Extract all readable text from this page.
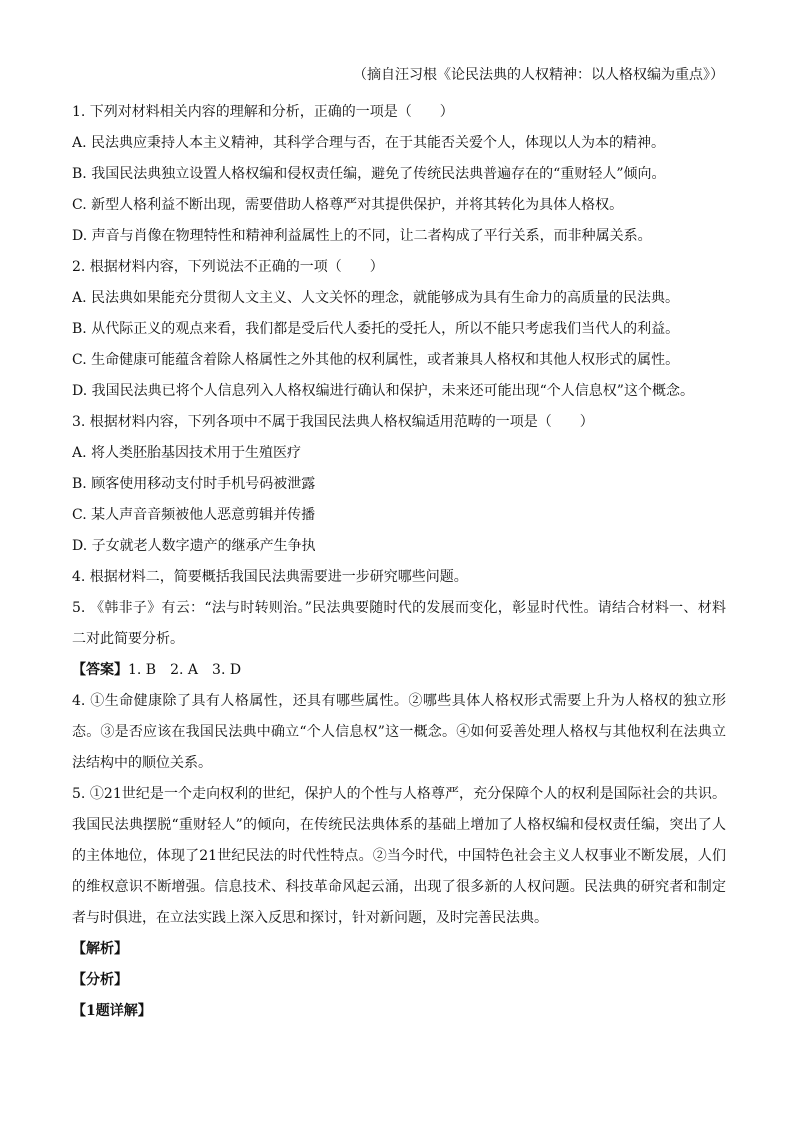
（摘自汪习根《论民法典的人权精神：以人格权编为重点》）
1. 下列对材料相关内容的理解和分析，正确的一项是（　　）
A. 民法典应秉持人本主义精神，其科学合理与否，在于其能否关爱个人，体现以人为本的精神。
B. 我国民法典独立设置人格权编和侵权责任编，避免了传统民法典普遍存在的“重财轻人”倾向。
C. 新型人格利益不断出现，需要借助人格尊严对其提供保护，并将其转化为具体人格权。
D. 声音与肖像在物理特性和精神利益属性上的不同，让二者构成了平行关系，而非种属关系。
2. 根据材料内容，下列说法不正确的一项（　　）
A. 民法典如果能充分贯彻人文主义、人文关怀的理念，就能够成为具有生命力的高质量的民法典。
B. 从代际正义的观点来看，我们都是受后代人委托的受托人，所以不能只考虑我们当代人的利益。
C. 生命健康可能蕴含着除人格属性之外其他的权利属性，或者兼具人格权和其他人权形式的属性。
D. 我国民法典已将个人信息列入人格权编进行确认和保护，未来还可能出现“个人信息权”这个概念。
3. 根据材料内容，下列各项中不属于我国民法典人格权编适用范畴的一项是（　　）
A. 将人类胚胎基因技术用于生殖医疗
B. 顾客使用移动支付时手机号码被泄露
C. 某人声音音频被他人恶意剪辑并传播
D. 子女就老人数字遗产的继承产生争执
4. 根据材料二，简要概括我国民法典需要进一步研究哪些问题。
5. 《韩非子》有云：“法与时转则治。”民法典要随时代的发展而变化，彰显时代性。请结合材料一、材料二对此简要分析。
【答案】1. B 2. A 3. D
4. ①生命健康除了具有人格属性，还具有哪些属性。②哪些具体人格权形式需要上升为人格权的独立形态。③是否应该在我国民法典中确立“个人信息权”这一概念。④如何妥善处理人格权与其他权利在法典立法结构中的顺位关系。
5. ①21世纪是一个走向权利的世纪，保护人的个性与人格尊严，充分保障个人的权利是国际社会的共识。我国民法典摆脱“重财轻人”的倾向，在传统民法典体系的基础上增加了人格权编和侵权责任编，突出了人的主体地位，体现了21世纪民法的时代性特点。②当今时代，中国特色社会主义人权事业不断发展，人们的维权意识不断增强。信息技术、科技革命风起云涌，出现了很多新的人权问题。民法典的研究者和制定者与时俱进，在立法实践上深入反思和探讨，针对新问题，及时完善民法典。
【解析】
【分析】
【1题详解】
